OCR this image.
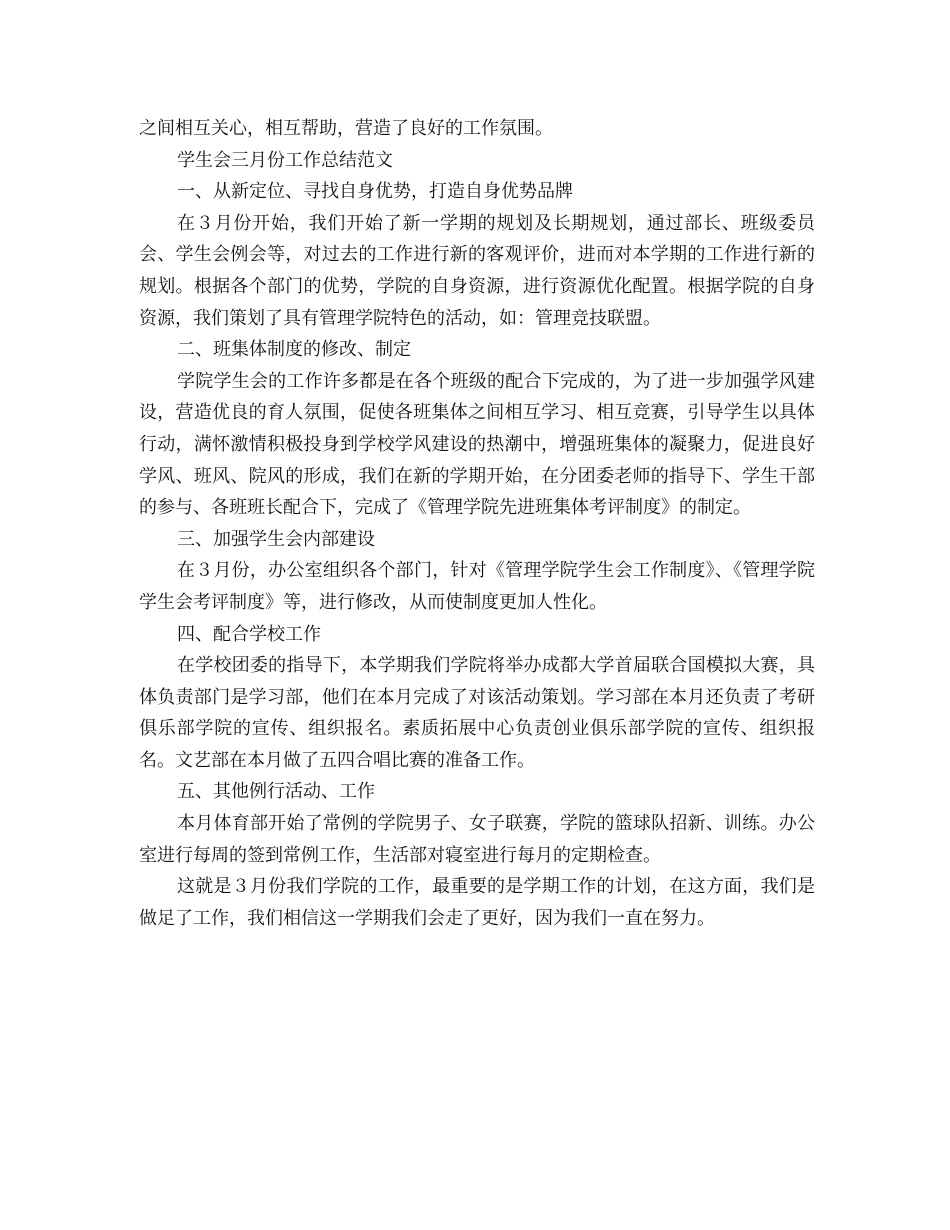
之间相互关心，相互帮助，营造了良好的工作氛围。

学生会三月份工作总结范文

一、从新定位、寻找自身优势，打造自身优势品牌

在３月份开始，我们开始了新一学期的规划及长期规划，通过部长、班级委员会、学生会例会等，对过去的工作进行新的客观评价，进而对本学期的工作进行新的规划。根据各个部门的优势，学院的自身资源，进行资源优化配置。根据学院的自身资源，我们策划了具有管理学院特色的活动，如：管理竞技联盟。

二、班集体制度的修改、制定

学院学生会的工作许多都是在各个班级的配合下完成的，为了进一步加强学风建设，营造优良的育人氛围，促使各班集体之间相互学习、相互竞赛，引导学生以具体行动，满怀激情积极投身到学校学风建设的热潮中，增强班集体的凝聚力，促进良好学风、班风、院风的形成，我们在新的学期开始，在分团委老师的指导下、学生干部的参与、各班班长配合下，完成了《管理学院先进班集体考评制度》的制定。

三、加强学生会内部建设

在３月份，办公室组织各个部门，针对《管理学院学生会工作制度》、《管理学院学生会考评制度》等，进行修改，从而使制度更加人性化。

四、配合学校工作

在学校团委的指导下，本学期我们学院将举办成都大学首届联合国模拟大赛，具体负责部门是学习部，他们在本月完成了对该活动策划。学习部在本月还负责了考研俱乐部学院的宣传、组织报名。素质拓展中心负责创业俱乐部学院的宣传、组织报名。文艺部在本月做了五四合唱比赛的准备工作。

五、其他例行活动、工作

本月体育部开始了常例的学院男子、女子联赛，学院的篮球队招新、训练。办公室进行每周的签到常例工作，生活部对寝室进行每月的定期检查。

这就是３月份我们学院的工作，最重要的是学期工作的计划，在这方面，我们是做足了工作，我们相信这一学期我们会走了更好，因为我们一直在努力。
